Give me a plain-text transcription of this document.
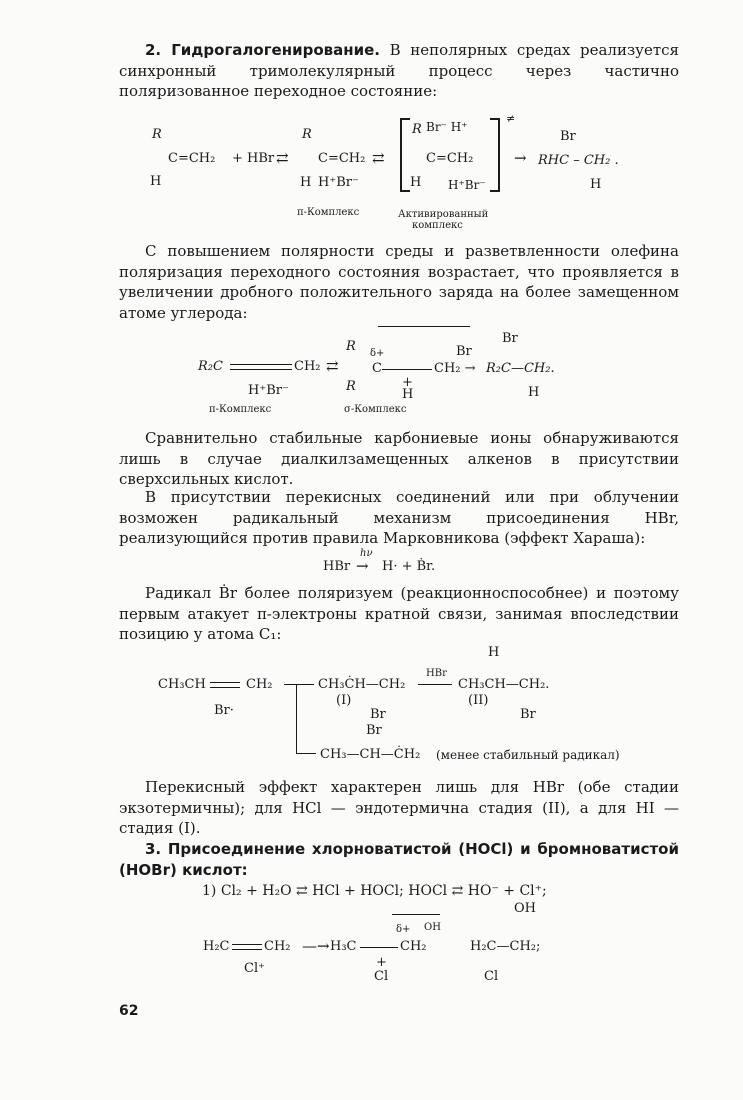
2. Гидрогалогенирование. В неполярных средах реализуется синхронный тримолекулярный процесс через частично поляризованное переходное состояние:

R
H
C=CH₂ + HBr ⇄
R
C=CH₂
H H⁺Br⁻
⇄
R Br⁻ H⁺
C=CH₂
H H⁺Br⁻
≠
→
Br
RHC – CH₂ .
H
π-Комплекс	Активированный
комплекс

С повышением полярности среды и разветвленности олефина поляризация переходного состояния возрастает, что проявляется в увеличении дробного положительного заряда на более замещенном атоме углерода:

R₂C	CH₂ ⇄
H⁺Br⁻
R δ+
C
Br
CH₂ →
R	+
H
Br
R₂C—CH₂.
H
π-Комплекс	σ-Комплекс

Сравнительно стабильные карбониевые ионы обнаруживаются лишь в случае диалкилзамещенных алкенов в присутствии сверхсильных кислот.

В присутствии перекисных соединений или при облучении возможен радикальный механизм присоединения HBr, реализующийся против правила Марковникова (эффект Хараша):

HBr
hν
→ H· + Ḃr.

Радикал Ḃr более поляризуем (реакционноспособнее) и поэтому первым атакует π-электроны кратной связи, занимая впоследствии позицию у атома C₁:

CH₃CH	CH₂
Br·
CH₃ĊH—CH₂
(I)
Br
HBr
H
CH₃CH—CH₂.
(II)
Br
Br
CH₃—CH—ĊH₂ (менее стабильный радикал)

Перекисный эффект характерен лишь для HBr (обе стадии экзотермичны); для HCl — эндотермична стадия (II), а для HI — стадия (I).

3. Присоединение хлорноватистой (HOCl) и бромноватистой (HOBr) кислот:

1) Cl₂ + H₂O ⇄ HCl + HOCl; HOCl ⇄ HO⁻ + Cl⁺;
OH
δ+ OH
H₂C	CH₂ —→ H₃C	CH₂
+
Cl⁺
Cl
H₂C—CH₂;
Cl
62
